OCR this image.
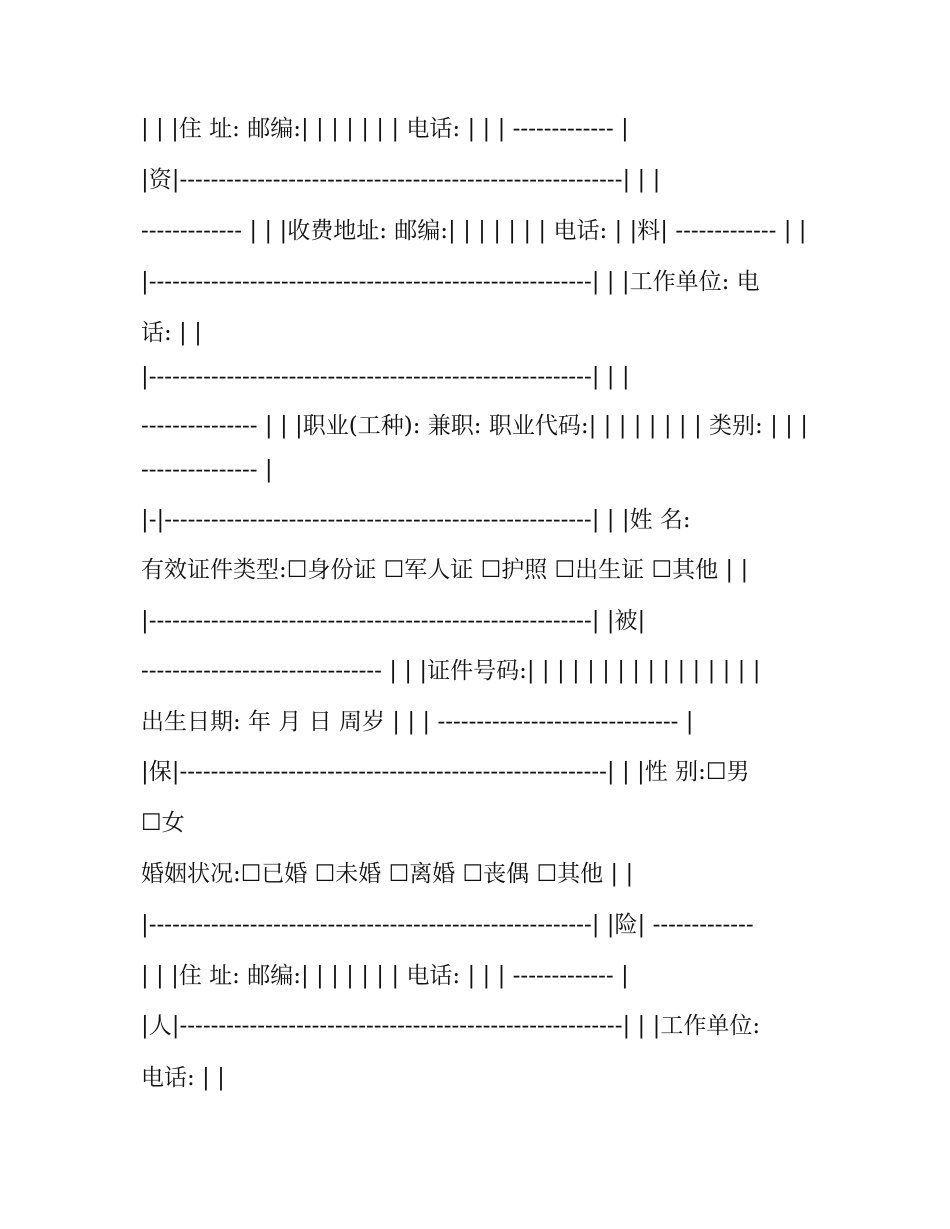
| | |住 址: 邮编:| | | | | | | 电话: | | | ------------- |
|资|---------------------------------------------------------| | |
------------- | | |收费地址: 邮编:| | | | | | | 电话: | |料| ------------- | |
|---------------------------------------------------------| | |工作单位: 电
话: | |
|---------------------------------------------------------| | |
--------------- | | |职业(工种): 兼职: 职业代码:| | | | | | | | 类别: | | |
--------------- |
|-|-------------------------------------------------------| | |姓 名:
有效证件类型:☐身份证 ☐军人证 ☐护照 ☐出生证 ☐其他 | |
|---------------------------------------------------------| |被|
------------------------------- | | |证件号码:| | | | | | | | | | | | | | | |
出生日期: 年 月 日 周岁 | | | ------------------------------- |
|保|-------------------------------------------------------| | |性 别:☐男
☐女
婚姻状况:☐已婚 ☐未婚 ☐离婚 ☐丧偶 ☐其他 | |
|---------------------------------------------------------| |险| -------------
| | |住 址: 邮编:| | | | | | | 电话: | | | ------------- |
|人|---------------------------------------------------------| | |工作单位:
电话: | |
